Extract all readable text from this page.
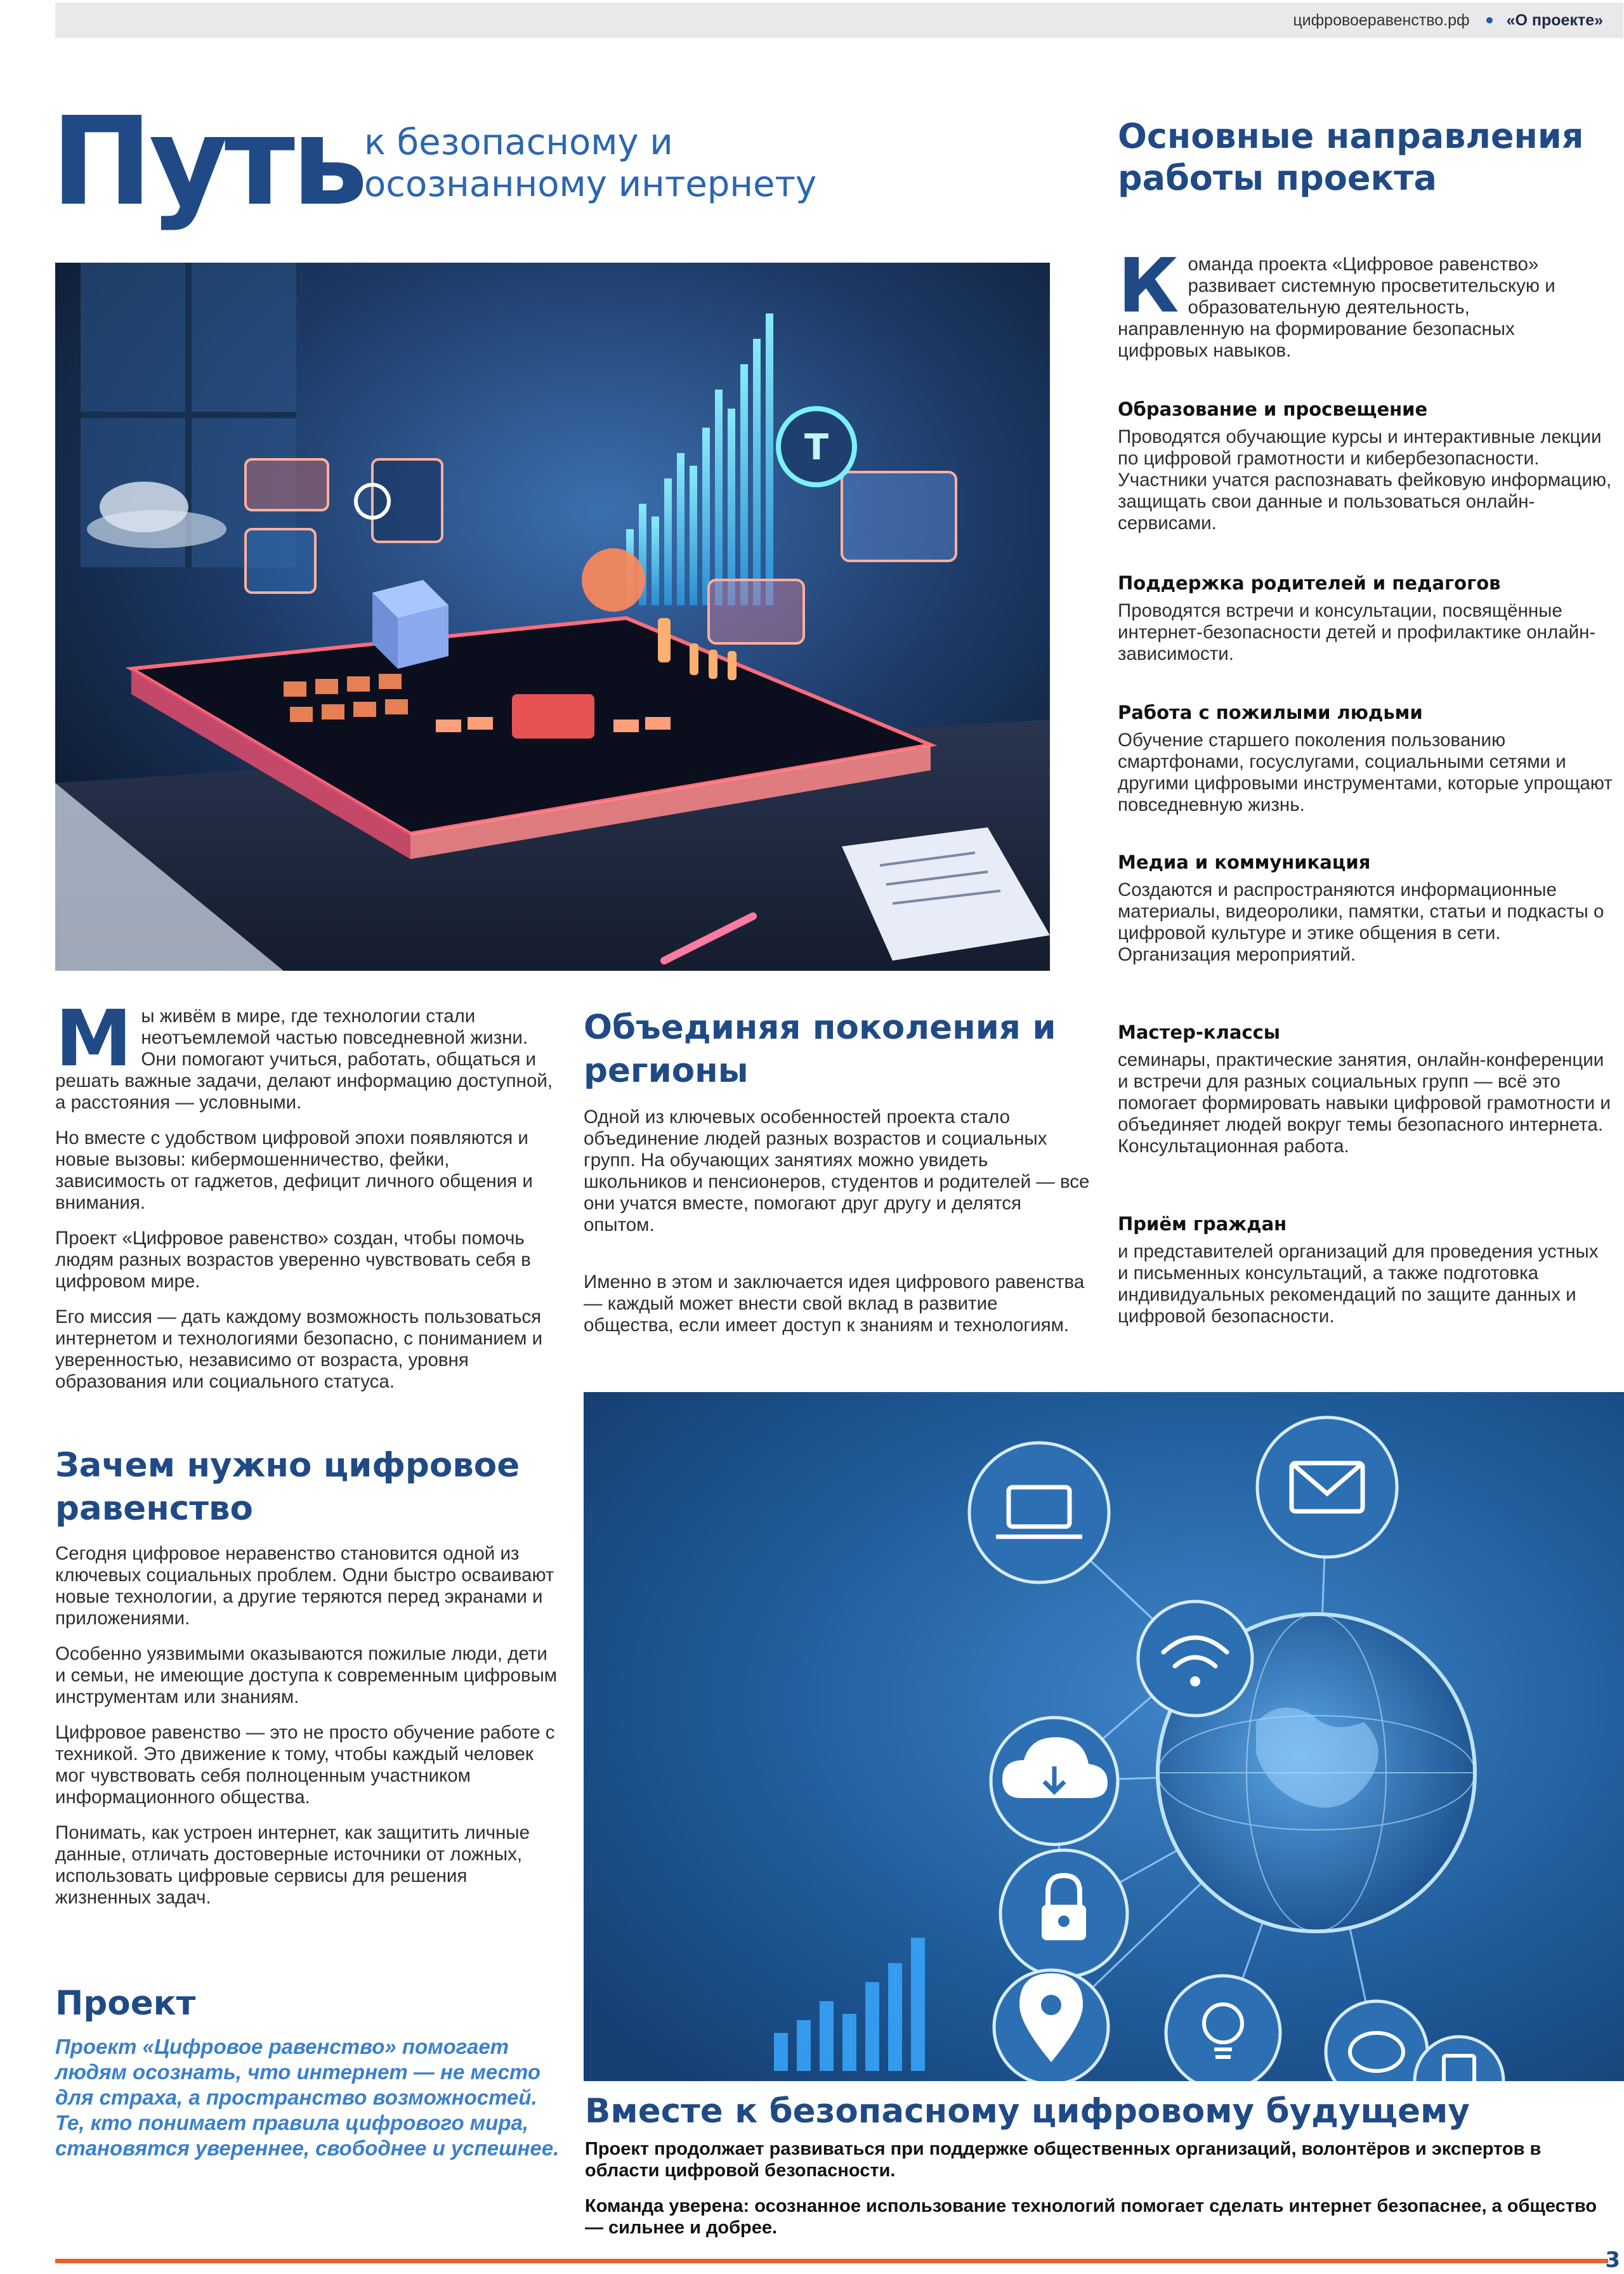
цифровоеравенство.рф «О проекте»
Путь к безопасному и
осознанному интернету
Основные направления работы проекта
T
К оманда проекта «Цифровое равенство» развивает системную просветительскую и образовательную деятельность, направленную на формирование безопасных цифровых навыков.
Образование и просвещение
Проводятся обучающие курсы и интерактивные лекции по цифровой грамотности и кибербезопасности. Участники учатся распознавать фейковую информацию, защищать свои данные и пользоваться онлайн-сервисами.
Поддержка родителей и педагогов
Проводятся встречи и консультации, посвящённые интернет-безопасности детей и профилактике онлайн-зависимости.
Работа с пожилыми людьми
Обучение старшего поколения пользованию смартфонами, госуслугами, социальными сетями и другими цифровыми инструментами, которые упрощают повседневную жизнь.
Медиа и коммуникация
Создаются и распространяются информационные материалы, видеоролики, памятки, статьи и подкасты о цифровой культуре и этике общения в сети. Организация мероприятий.
Мастер-классы
семинары, практические занятия, онлайн-конференции и встречи для разных социальных групп — всё это помогает формировать навыки цифровой грамотности и объединяет людей вокруг темы безопасного интернета. Консультационная работа.
Приём граждан
и представителей организаций для проведения устных и письменных консультаций, а также подготовка индивидуальных рекомендаций по защите данных и цифровой безопасности.
М ы живём в мире, где технологии стали неотъемлемой частью повседневной жизни. Они помогают учиться, работать, общаться и решать важные задачи, делают информацию доступной, а расстояния — условными.
Но вместе с удобством цифровой эпохи появляются и новые вызовы: кибермошенничество, фейки, зависимость от гаджетов, дефицит личного общения и внимания.
Проект «Цифровое равенство» создан, чтобы помочь людям разных возрастов уверенно чувствовать себя в цифровом мире.
Его миссия — дать каждому возможность пользоваться интернетом и технологиями безопасно, с пониманием и уверенностью, независимо от возраста, уровня образования или социального статуса.
Объединяя поколения и регионы
Одной из ключевых особенностей проекта стало объединение людей разных возрастов и социальных групп. На обучающих занятиях можно увидеть школьников и пенсионеров, студентов и родителей — все они учатся вместе, помогают друг другу и делятся опытом.
Именно в этом и заключается идея цифрового равенства — каждый может внести свой вклад в развитие общества, если имеет доступ к знаниям и технологиям.
Зачем нужно цифровое равенство
Сегодня цифровое неравенство становится одной из ключевых социальных проблем. Одни быстро осваивают новые технологии, а другие теряются перед экранами и приложениями.
Особенно уязвимыми оказываются пожилые люди, дети и семьи, не имеющие доступа к современным цифровым инструментам или знаниям.
Цифровое равенство — это не просто обучение работе с техникой. Это движение к тому, чтобы каждый человек мог чувствовать себя полноценным участником информационного общества.
Понимать, как устроен интернет, как защитить личные данные, отличать достоверные источники от ложных, использовать цифровые сервисы для решения жизненных задач.
Проект
Проект «Цифровое равенство» помогает людям осознать, что интернет — не место для страха, а пространство возможностей. Те, кто понимает правила цифрового мира, становятся увереннее, свободнее и успешнее.
Вместе к безопасному цифровому будущему
Проект продолжает развиваться при поддержке общественных организаций, волонтёров и экспертов в области цифровой безопасности.
Команда уверена: осознанное использование технологий помогает сделать интернет безопаснее, а общество — сильнее и добрее.
3
